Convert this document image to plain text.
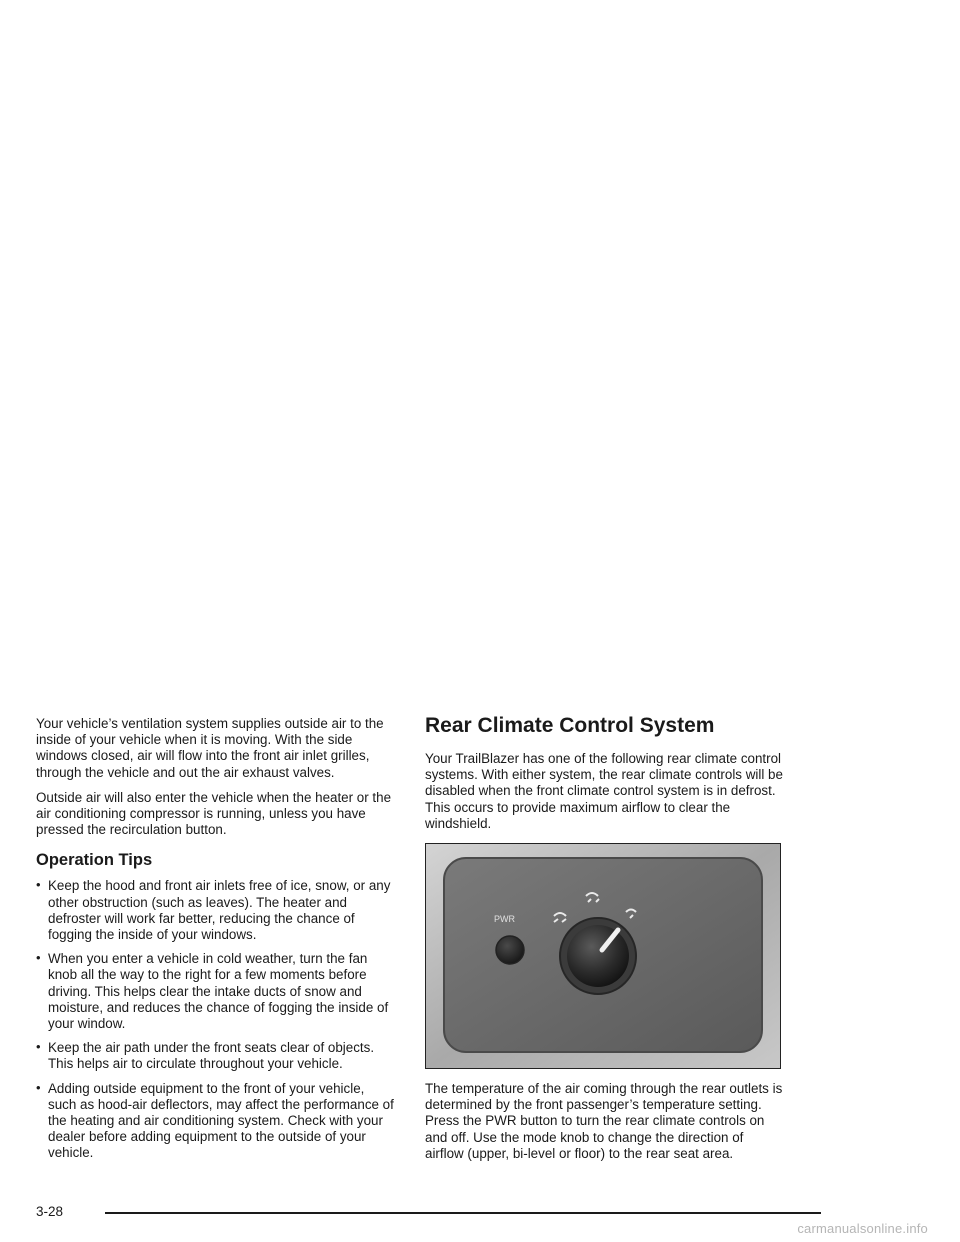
Your vehicle’s ventilation system supplies outside air to the inside of your vehicle when it is moving. With the side windows closed, air will flow into the front air inlet grilles, through the vehicle and out the air exhaust valves.

Outside air will also enter the vehicle when the heater or the air conditioning compressor is running, unless you have pressed the recirculation button.

Operation Tips
• Keep the hood and front air inlets free of ice, snow, or any other obstruction (such as leaves). The heater and defroster will work far better, reducing the chance of fogging the inside of your windows.
• When you enter a vehicle in cold weather, turn the fan knob all the way to the right for a few moments before driving. This helps clear the intake ducts of snow and moisture, and reduces the chance of fogging the inside of your window.
• Keep the air path under the front seats clear of objects. This helps air to circulate throughout your vehicle.
• Adding outside equipment to the front of your vehicle, such as hood-air deflectors, may affect the performance of the heating and air conditioning system. Check with your dealer before adding equipment to the outside of your vehicle.
Rear Climate Control System

Your TrailBlazer has one of the following rear climate control systems. With either system, the rear climate controls will be disabled when the front climate control system is in defrost. This occurs to provide maximum airflow to clear the windshield.

PWR

The temperature of the air coming through the rear outlets is determined by the front passenger’s temperature setting. Press the PWR button to turn the rear climate controls on and off. Use the mode knob to change the direction of airflow (upper, bi-level or floor) to the rear seat area.

3-28
carmanualsonline.info
